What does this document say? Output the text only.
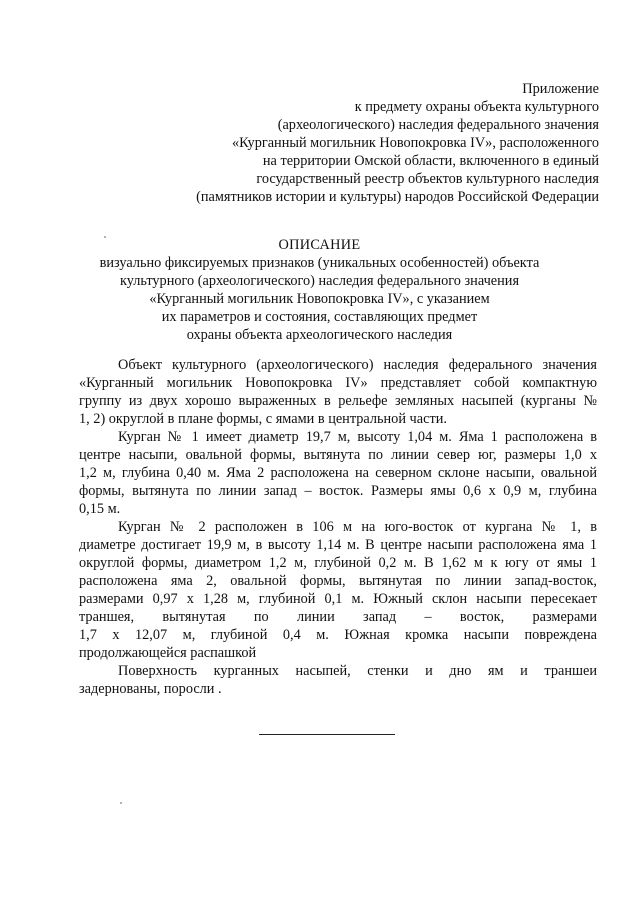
Приложение
к предмету охраны объекта культурного
(археологического) наследия федерального значения
«Курганный могильник Новопокровка IV», расположенного
на территории Омской области, включенного в единый
государственный реестр объектов культурного наследия
(памятников истории и культуры) народов Российской Федерации
ОПИСАНИЕ
визуально фиксируемых признаков (уникальных особенностей) объекта
культурного (археологического) наследия федерального значения
«Курганный могильник Новопокровка IV», с указанием
их параметров и состояния, составляющих предмет
охраны объекта археологического наследия
Объект культурного (археологического) наследия федерального значения
«Курганный могильник Новопокровка IV» представляет собой компактную
группу из двух хорошо выраженных в рельефе земляных насыпей (курганы №
1, 2) округлой в плане формы, с ямами в центральной части.
Курган № 1 имеет диаметр 19,7 м, высоту 1,04 м. Яма 1 расположена в
центре насыпи, овальной формы, вытянута по линии север юг, размеры 1,0 х
1,2 м, глубина 0,40 м. Яма 2 расположена на северном склоне насыпи, овальной
формы, вытянута по линии запад – восток. Размеры ямы 0,6 х 0,9 м, глубина
0,15 м.
Курган № 2 расположен в 106 м на юго-восток от кургана № 1, в
диаметре достигает 19,9 м, в высоту 1,14 м. В центре насыпи расположена яма 1
округлой формы, диаметром 1,2 м, глубиной 0,2 м. В 1,62 м к югу от ямы 1
расположена яма 2, овальной формы, вытянутая по линии запад-восток,
размерами 0,97 х 1,28 м, глубиной 0,1 м. Южный склон насыпи пересекает
траншея, вытянутая по линии запад – восток, размерами
1,7 х 12,07 м, глубиной 0,4 м. Южная кромка насыпи повреждена
продолжающейся распашкой
Поверхность курганных насыпей, стенки и дно ям и траншеи
задернованы, поросли .
